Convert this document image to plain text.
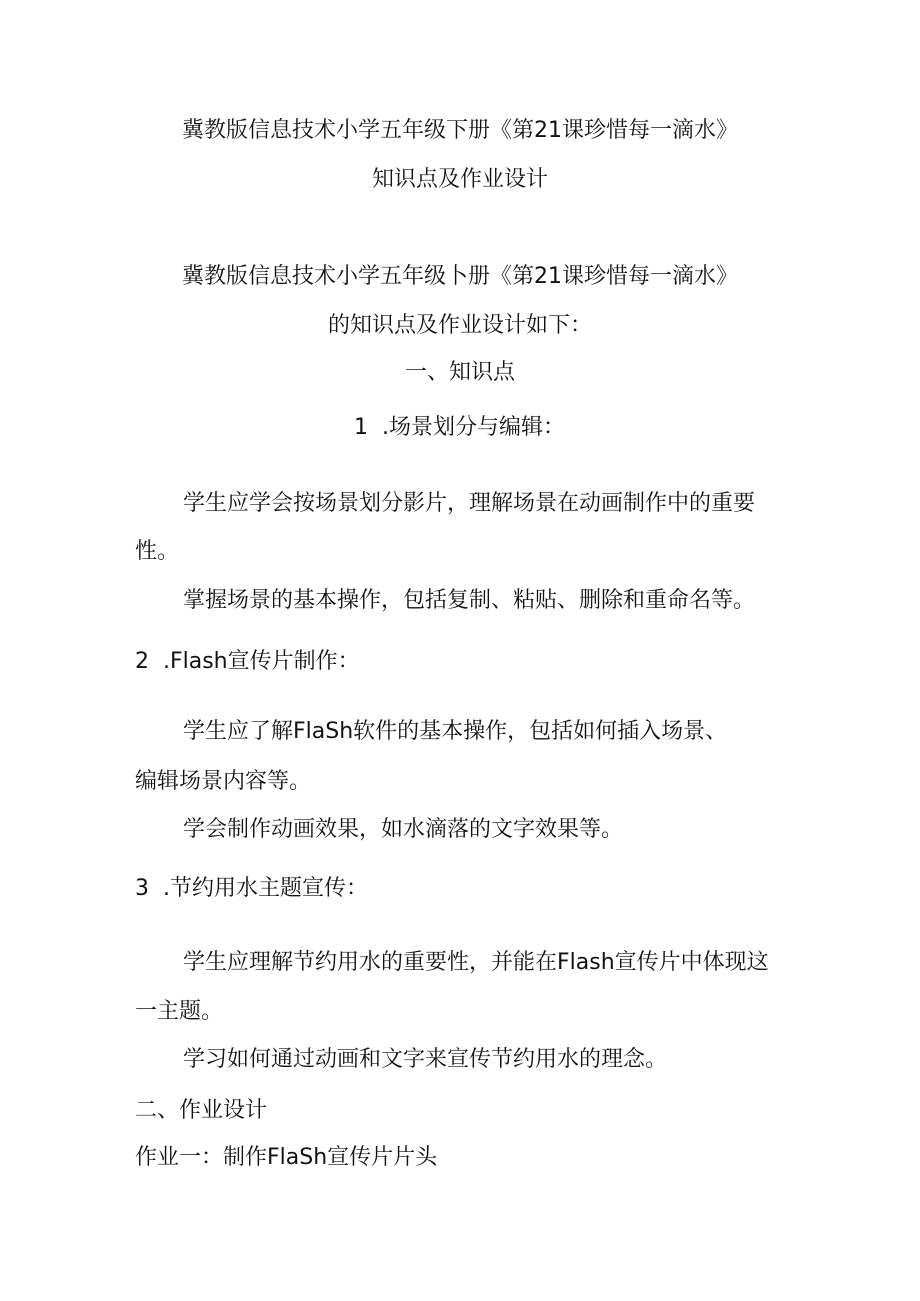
冀教版信息技术小学五年级下册《第21课珍惜每一滴水》
知识点及作业设计
冀教版信息技术小学五年级卜册《第21课珍惜每一滴水》
的知识点及作业设计如下：
一、知识点
1  .场景划分与编辑：
学生应学会按场景划分影片，理解场景在动画制作中的重要
性。
掌握场景的基本操作，包括复制、粘贴、删除和重命名等。
2  .Flash宣传片制作：
学生应了解FlaSh软件的基本操作，包括如何插入场景、
编辑场景内容等。
学会制作动画效果，如水滴落的文字效果等。
3  .节约用水主题宣传：
学生应理解节约用水的重要性，并能在Flash宣传片中体现这
一主题。
学习如何通过动画和文字来宣传节约用水的理念。
二、作业设计
作业一：制作FlaSh宣传片片头
